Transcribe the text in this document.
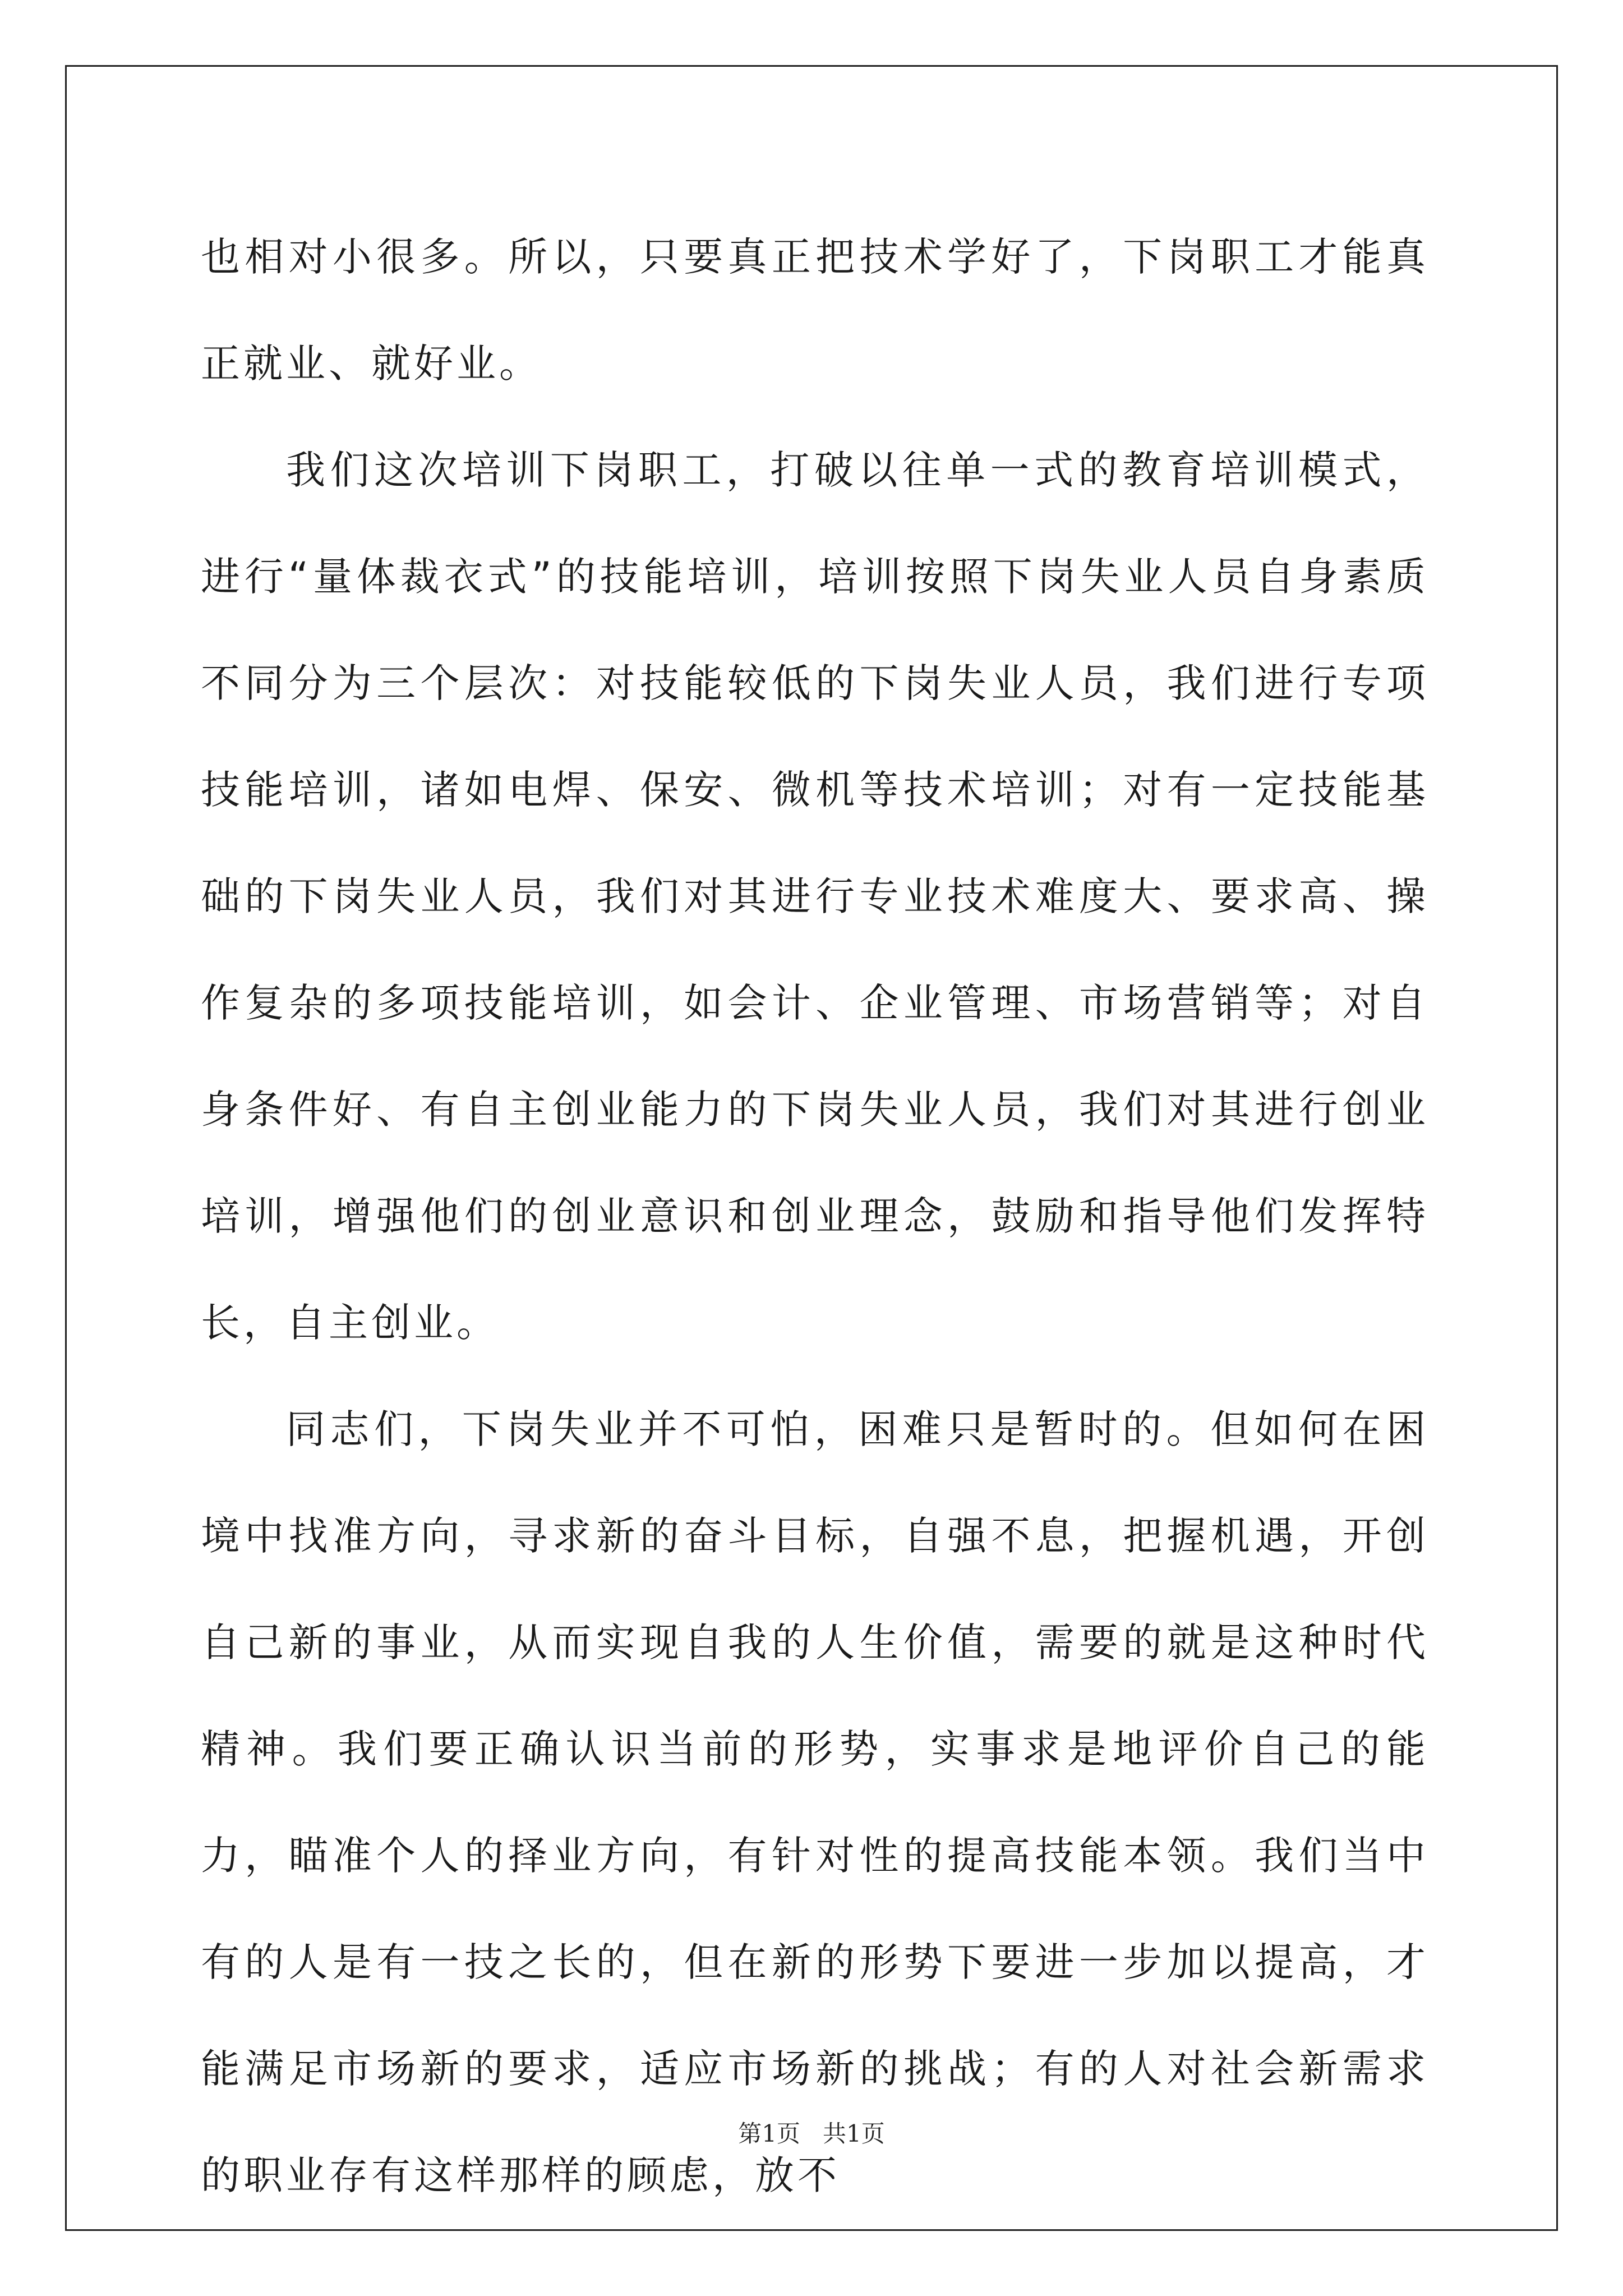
也相对小很多。所以，只要真正把技术学好了，下岗职工才能真正就业、就好业。

我们这次培训下岗职工，打破以往单一式的教育培训模式，进行“量体裁衣式”的技能培训，培训按照下岗失业人员自身素质不同分为三个层次：对技能较低的下岗失业人员，我们进行专项技能培训，诸如电焊、保安、微机等技术培训；对有一定技能基础的下岗失业人员，我们对其进行专业技术难度大、要求高、操作复杂的多项技能培训，如会计、企业管理、市场营销等；对自身条件好、有自主创业能力的下岗失业人员，我们对其进行创业培训，增强他们的创业意识和创业理念，鼓励和指导他们发挥特长，自主创业。

同志们，下岗失业并不可怕，困难只是暂时的。但如何在困境中找准方向，寻求新的奋斗目标，自强不息，把握机遇，开创自己新的事业，从而实现自我的人生价值，需要的就是这种时代精神。我们要正确认识当前的形势，实事求是地评价自己的能力，瞄准个人的择业方向，有针对性的提高技能本领。我们当中有的人是有一技之长的，但在新的形势下要进一步加以提高，才能满足市场新的要求，适应市场新的挑战；有的人对社会新需求的职业存有这样那样的顾虑，放不

第1页 共1页
